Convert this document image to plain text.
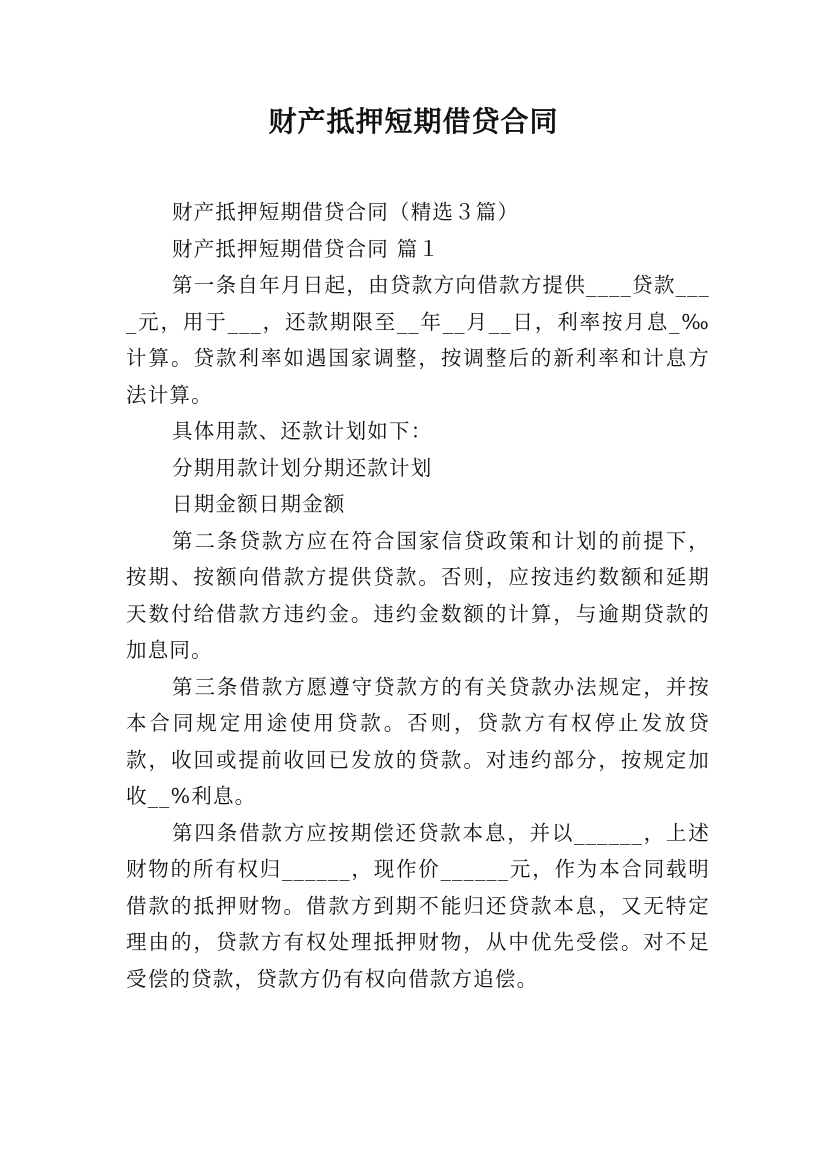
财产抵押短期借贷合同

财产抵押短期借贷合同（精选３篇）

财产抵押短期借贷合同 篇１

第一条自年月日起，由贷款方向借款方提供____贷款____元，用于___，还款期限至__年__月__日，利率按月息_‰计算。贷款利率如遇国家调整，按调整后的新利率和计息方法计算。

具体用款、还款计划如下：

分期用款计划分期还款计划

日期金额日期金额

第二条贷款方应在符合国家信贷政策和计划的前提下，按期、按额向借款方提供贷款。否则，应按违约数额和延期天数付给借款方违约金。违约金数额的计算，与逾期贷款的加息同。

第三条借款方愿遵守贷款方的有关贷款办法规定，并按本合同规定用途使用贷款。否则，贷款方有权停止发放贷款，收回或提前收回已发放的贷款。对违约部分，按规定加收__%利息。

第四条借款方应按期偿还贷款本息，并以______，上述财物的所有权归______，现作价______元，作为本合同载明借款的抵押财物。借款方到期不能归还贷款本息，又无特定理由的，贷款方有权处理抵押财物，从中优先受偿。对不足受偿的贷款，贷款方仍有权向借款方追偿。
